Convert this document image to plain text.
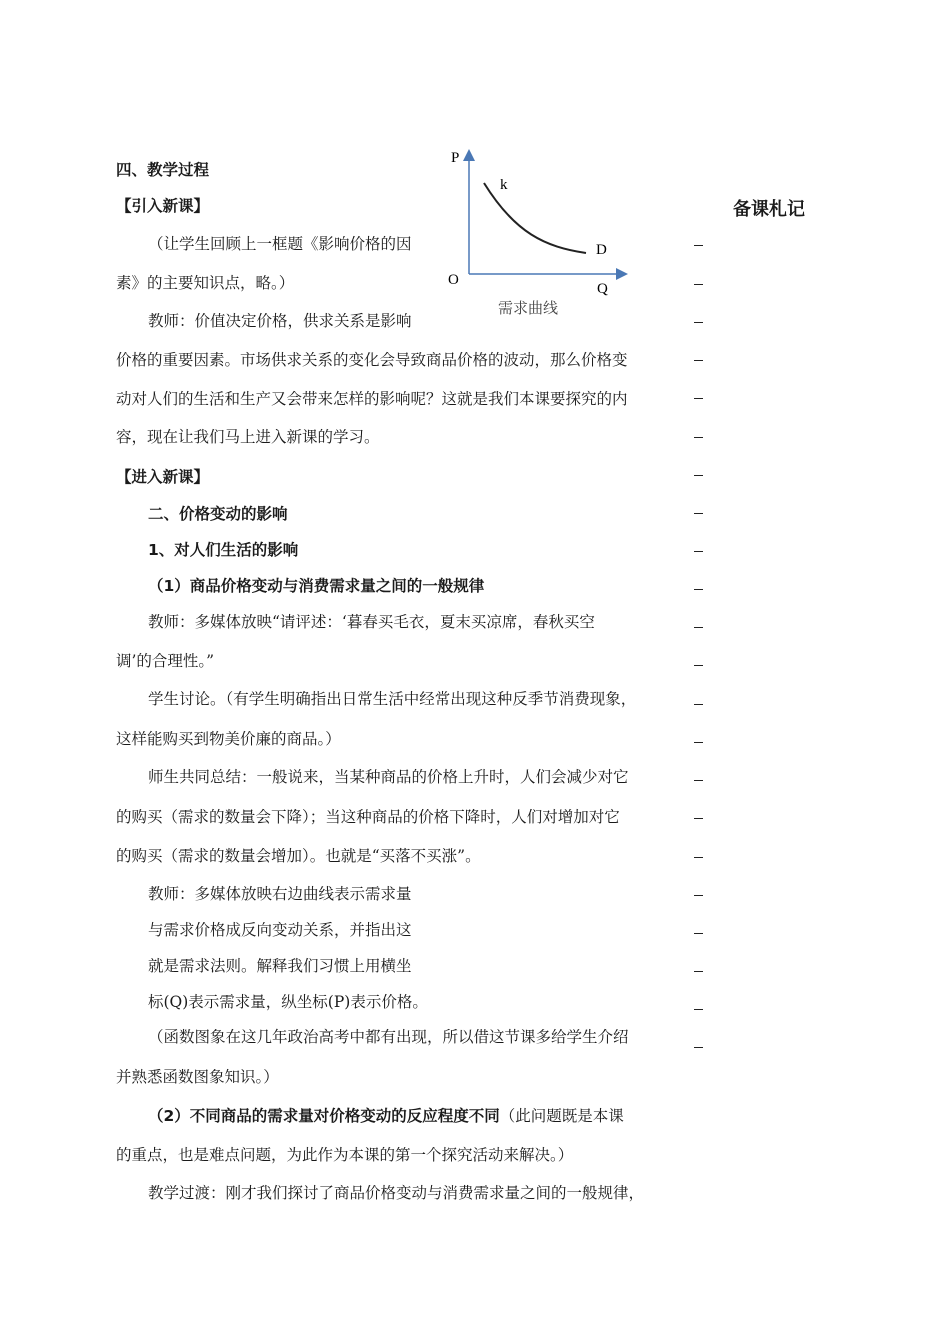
四、教学过程
备课札记
P
k
D
O
Q
需求曲线
【引入新课】
（让学生回顾上一框题《影响价格的因
素》的主要知识点，略。）
教师：价值决定价格，供求关系是影响
价格的重要因素。市场供求关系的变化会导致商品价格的波动，那么价格变
动对人们的生活和生产又会带来怎样的影响呢？这就是我们本课要探究的内
容，现在让我们马上进入新课的学习。
【进入新课】
二、价格变动的影响
1、对人们生活的影响
（1）商品价格变动与消费需求量之间的一般规律
教师：多媒体放映“请评述：‘暮春买毛衣，夏末买凉席，春秋买空
调’的合理性。”
学生讨论。（有学生明确指出日常生活中经常出现这种反季节消费现象，
这样能购买到物美价廉的商品。）
师生共同总结：一般说来，当某种商品的价格上升时，人们会减少对它
的购买（需求的数量会下降）；当这种商品的价格下降时，人们对增加对它
的购买（需求的数量会增加）。也就是“买落不买涨”。
教师：多媒体放映右边曲线表示需求量
与需求价格成反向变动关系，并指出这
就是需求法则。解释我们习惯上用横坐
标(Q)表示需求量，纵坐标(P)表示价格。
（函数图象在这几年政治高考中都有出现，所以借这节课多给学生介绍
并熟悉函数图象知识。）
（2）不同商品的需求量对价格变动的反应程度不同（此问题既是本课
的重点，也是难点问题，为此作为本课的第一个探究活动来解决。）
教学过渡：刚才我们探讨了商品价格变动与消费需求量之间的一般规律，
